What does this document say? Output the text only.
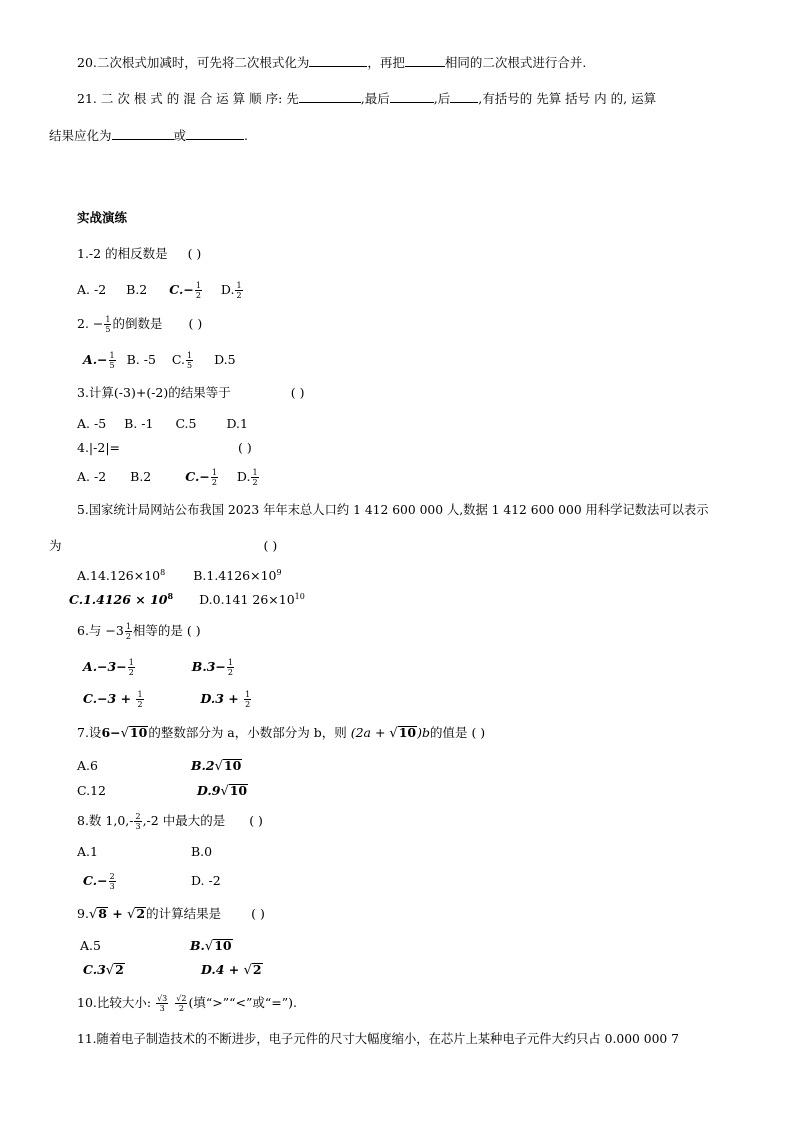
20.二次根式加减时，可先将二次根式化为	，再把	相同的二次根式进行合并.
21. 二 次 根 式 的 混 合 运 算 顺 序: 先	,最后	,后 ,有括号的 先算 括号 内 的, 运算
结果应化为	或	.
实战演练
1.-2 的相反数是 ( )
A. -2 B.2 $C.- \frac{1}{2} D$. $\frac{1}{2}$
2. − $\frac{1}{5}$ 的倒数是 ( )
$A.- \frac{1}{5} B$. -5 C. $\frac{1}{5} D.5$
3.计算(-3)+(-2)的结果等于	( )
A. -5 B. -1 C.5 D.1
4.|-2|=	( )
A. -2 B.2	$C.- \frac{1}{2} D$. $\frac{1}{2}$
5.国家统计局网站公布我国 2023 年年末总人口约 1 412 600 000 人,数据 1 412 600 000 用科学记数法可以表示
为	( )
$A.14.126\times 10^8$ $B.1.4126\times 10^9$
$C.1.4126 \times 10^8$ D.0.141 $26\times 10^{10}$
6.与 $-3 \frac{1}{2}$ 相等的是 ( )
$A.-3- \frac{1}{2}$	$B.3- \frac{1}{2}$
$C.-3 + \frac{1}{2}$	$D.3 + \frac{1}{2}$
7.设6−√10的整数部分为 a，小数部分为 b，则 (2a + √10)b的值是 ( )
A.6	B.2√10
C.12	D.9√10
8.数 $1,0,- \frac{2}{3} ,-2$ 中最大的是 ( )
A.1	B.0
$C.- \frac{2}{3}$	D. -2
9.√8 + √2的计算结果是 ( )
A.5	B.√10
C.3√2	D.4 + √2
10.比较大小: $\frac{√3}{3} \frac{√2}{2}$ (填“>”“<”或“=”).
11.随着电子制造技术的不断进步，电子元件的尺寸大幅度缩小，在芯片上某种电子元件大约只占 0.000 000 7
